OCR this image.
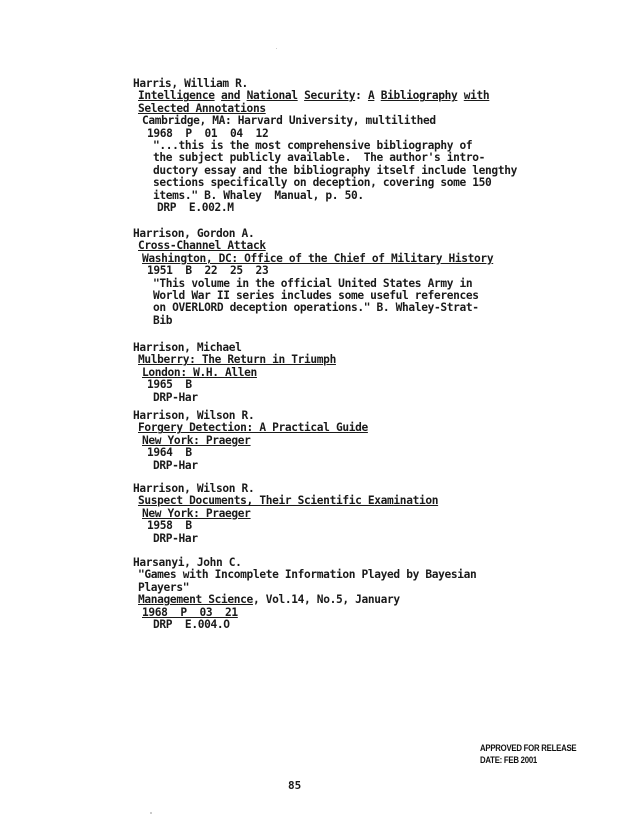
Harris, William R.
Intelligence and National Security: A Bibliography with
Selected Annotations
Cambridge, MA: Harvard University, multilithed
1968  P  01  04  12
"...this is the most comprehensive bibliography of
the subject publicly available.  The author's intro-
ductory essay and the bibliography itself include lengthy
sections specifically on deception, covering some 150
items." B. Whaley  Manual, p. 50.
DRP  E.002.M
Harrison, Gordon A.
Cross-Channel Attack
Washington, DC: Office of the Chief of Military History
1951  B  22  25  23
"This volume in the official United States Army in
World War II series includes some useful references
on OVERLORD deception operations." B. Whaley-Strat-
Bib
Harrison, Michael
Mulberry: The Return in Triumph
London: W.H. Allen
1965  B
DRP-Har
Harrison, Wilson R.
Forgery Detection: A Practical Guide
New York: Praeger
1964  B
DRP-Har
Harrison, Wilson R.
Suspect Documents, Their Scientific Examination
New York: Praeger
1958  B
DRP-Har
Harsanyi, John C.
"Games with Incomplete Information Played by Bayesian
Players"
Management Science, Vol.14, No.5, January
1968  P  03  21
DRP  E.004.O
APPROVED FOR RELEASE
DATE: FEB 2001
85
